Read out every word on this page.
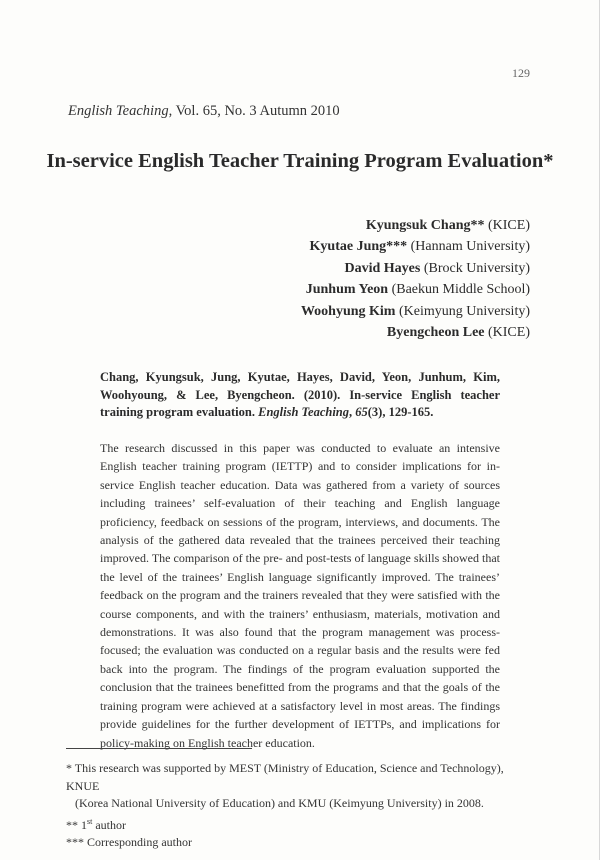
129
English Teaching, Vol. 65, No. 3 Autumn 2010
In-service English Teacher Training Program Evaluation*
Kyungsuk Chang** (KICE)
Kyutae Jung*** (Hannam University)
David Hayes (Brock University)
Junhum Yeon (Baekun Middle School)
Woohyung Kim (Keimyung University)
Byengcheon Lee (KICE)
Chang, Kyungsuk, Jung, Kyutae, Hayes, David, Yeon, Junhum, Kim, Woohyoung, & Lee, Byengcheon. (2010). In-service English teacher training program evaluation. English Teaching, 65(3), 129-165.
The research discussed in this paper was conducted to evaluate an intensive English teacher training program (IETTP) and to consider implications for in-service English teacher education. Data was gathered from a variety of sources including trainees’ self-evaluation of their teaching and English language proficiency, feedback on sessions of the program, interviews, and documents. The analysis of the gathered data revealed that the trainees perceived their teaching improved. The comparison of the pre- and post-tests of language skills showed that the level of the trainees’ English language significantly improved. The trainees’ feedback on the program and the trainers revealed that they were satisfied with the course components, and with the trainers’ enthusiasm, materials, motivation and demonstrations. It was also found that the program management was process-focused; the evaluation was conducted on a regular basis and the results were fed back into the program. The findings of the program evaluation supported the conclusion that the trainees benefitted from the programs and that the goals of the training program were achieved at a satisfactory level in most areas. The findings provide guidelines for the further development of IETTPs, and implications for policy-making on English teacher education.

* This research was supported by MEST (Ministry of Education, Science and Technology), KNUE
(Korea National University of Education) and KMU (Keimyung University) in 2008.

** 1st author

*** Corresponding author
